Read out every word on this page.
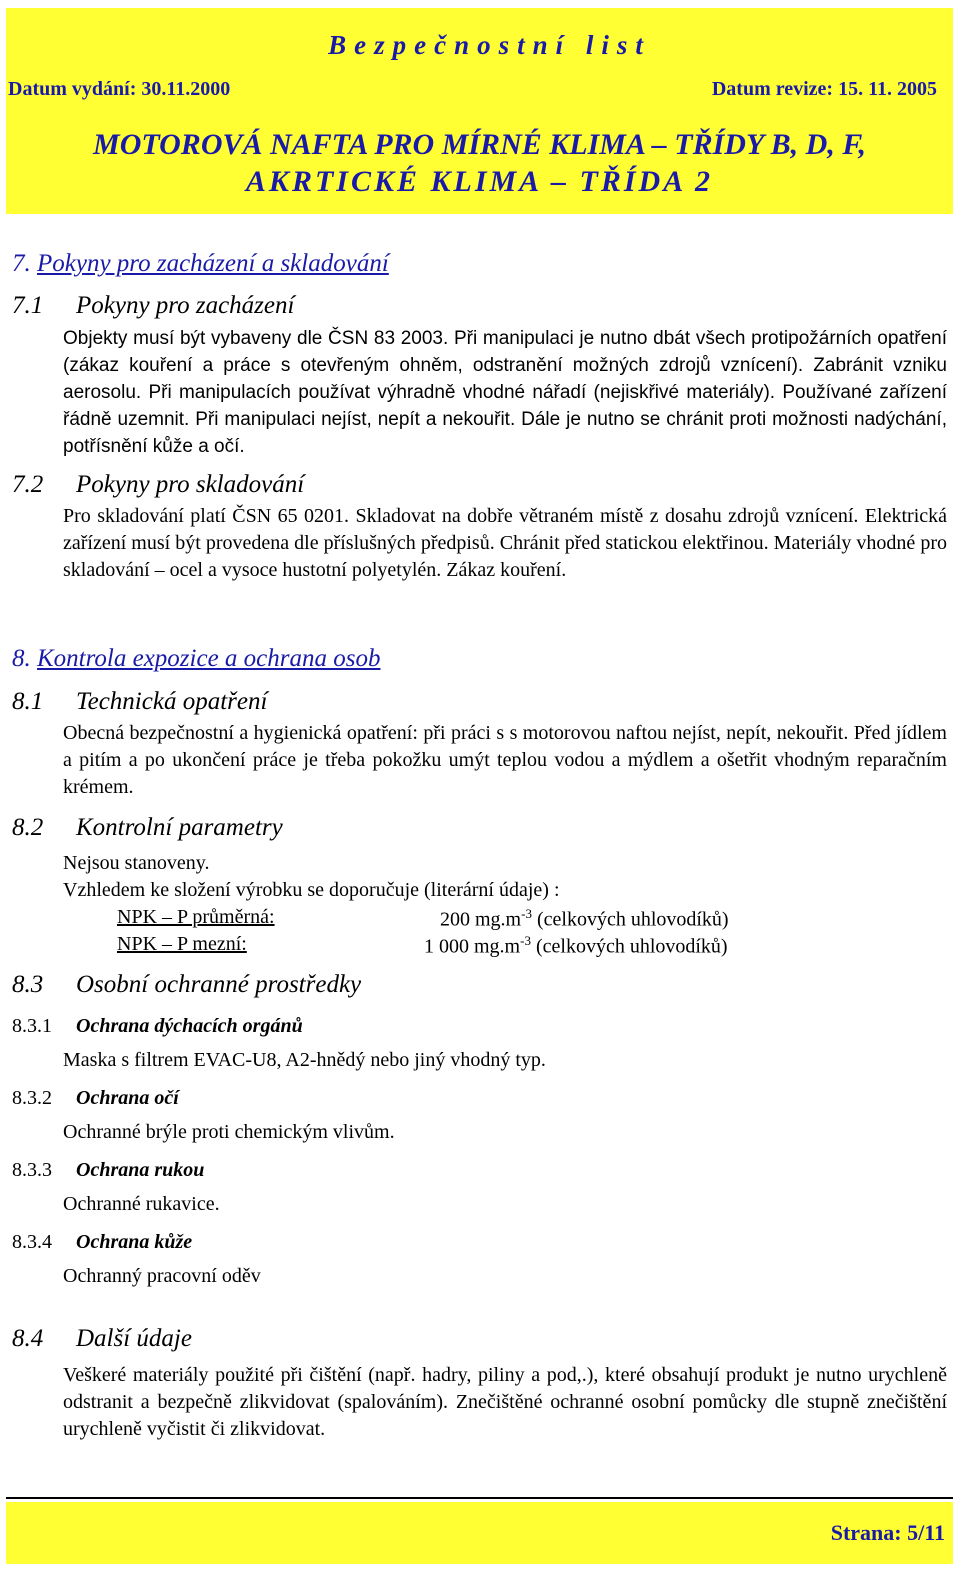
Bezpečnostní list
Datum vydání: 30.11.2000	Datum revize: 15. 11. 2005
MOTOROVÁ NAFTA PRO MÍRNÉ KLIMA – TŘÍDY B, D, F,
AKRTICKÉ KLIMA – TŘÍDA 2
7. Pokyny pro zacházení a skladování
7.1 Pokyny pro zacházení
Objekty musí být vybaveny dle ČSN 83 2003. Při manipulaci je nutno dbát všech protipožárních opatření (zákaz kouření a práce s otevřeným ohněm, odstranění možných zdrojů vznícení). Zabránit vzniku aerosolu. Při manipulacích používat výhradně vhodné nářadí (nejiskřivé materiály). Používané zařízení řádně uzemnit. Při manipulaci nejíst, nepít a nekouřit. Dále je nutno se chránit proti možnosti nadýchání, potřísnění kůže a očí.
7.2 Pokyny pro skladování
Pro skladování platí ČSN 65 0201. Skladovat na dobře větraném místě z dosahu zdrojů vznícení. Elektrická zařízení musí být provedena dle příslušných předpisů. Chránit před statickou elektřinou. Materiály vhodné pro skladování – ocel a vysoce hustotní polyetylén. Zákaz kouření.
8. Kontrola expozice a ochrana osob
8.1 Technická opatření
Obecná bezpečnostní a hygienická opatření: při práci s s motorovou naftou nejíst, nepít, nekouřit. Před jídlem a pitím a po ukončení práce je třeba pokožku umýt teplou vodou a mýdlem a ošetřit vhodným reparačním krémem.
8.2 Kontrolní parametry
Nejsou stanoveny.
Vzhledem ke složení výrobku se doporučuje (literární údaje) :
NPK – P průměrná:	200 $mg.m^{-3}$ (celkových uhlovodíků)
NPK – P mezní:	1 000 $mg.m^{-3}$ (celkových uhlovodíků)
8.3 Osobní ochranné prostředky
8.3.1 Ochrana dýchacích orgánů
Maska s filtrem EVAC-U8, A2-hnědý nebo jiný vhodný typ.
8.3.2 Ochrana očí
Ochranné brýle proti chemickým vlivům.
8.3.3 Ochrana rukou
Ochranné rukavice.
8.3.4 Ochrana kůže
Ochranný pracovní oděv
8.4 Další údaje
Veškeré materiály použité při čištění (např. hadry, piliny a pod,.), které obsahují produkt je nutno urychleně odstranit a bezpečně zlikvidovat (spalováním). Znečištěné ochranné osobní pomůcky dle stupně znečištění urychleně vyčistit či zlikvidovat.
Strana: 5/11
